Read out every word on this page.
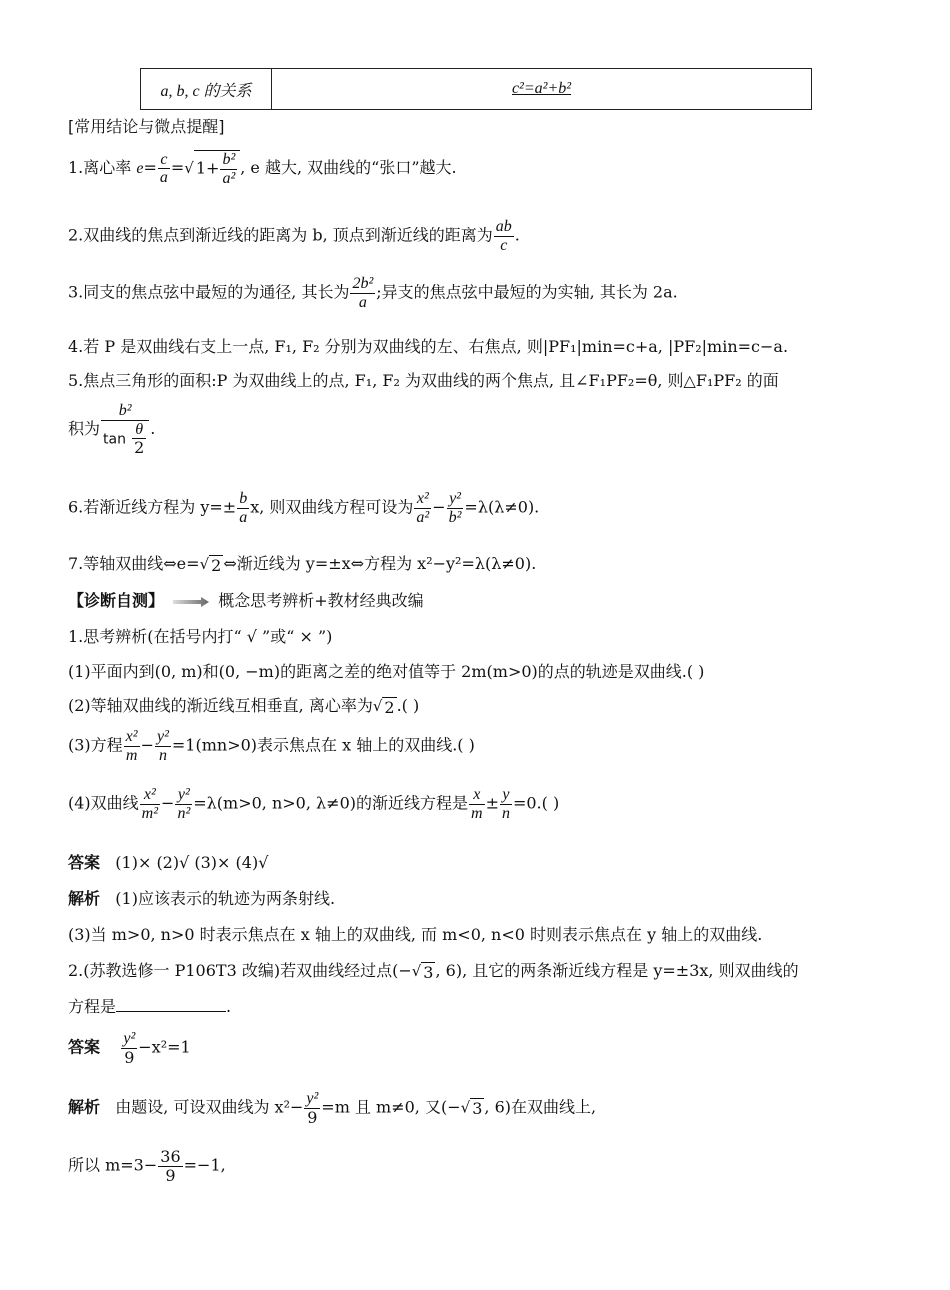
a, b, c 的关系	c²=a²+b²
[常用结论与微点提醒]
1.离心率 $e= \frac{c}{a}$ =√ $1+ \frac{\text{b²}}{\text{a²}}$ , e 越大, 双曲线的“张口”越大.
2.双曲线的焦点到渐近线的距离为 b, 顶点到渐近线的距离为 $\frac{ab}{c}$ .
3.同支的焦点弦中最短的为通径, 其长为 $\frac{\text{2b²}}{a}$ ;异支的焦点弦中最短的为实轴, 其长为 2a.
4.若 P 是双曲线右支上一点, F₁, F₂ 分别为双曲线的左、右焦点, 则|PF₁|min=c+a, |PF₂|min=c−a.
5.焦点三角形的面积:P 为双曲线上的点, F₁, F₂ 为双曲线的两个焦点, 且∠F₁PF₂=θ, 则△F₁PF₂ 的面
积为 $\frac{\text{b²}}{\tan \frac{\theta}{2}}$ .
6.若渐近线方程为 $y=\pm \frac{b}{a} x$, 则双曲线方程可设为 $\frac{\text{x²}}{\text{a²}} - \frac{\text{y²}}{\text{b²}} =\lambda(\lambda\ne 0)$.
7.等轴双曲线⇔e=√ 2 ⇔渐近线为 y=±x⇔方程为 x²−y²=λ(λ≠0).
【诊断自测】	概念思考辨析+教材经典改编
1.思考辨析(在括号内打“ √ ”或“ × ”)
(1)平面内到(0, m)和(0, −m)的距离之差的绝对值等于 2m(m>0)的点的轨迹是双曲线.( )
(2)等轴双曲线的渐近线互相垂直, 离心率为√ 2 .( )
(3)方程 $\frac{\text{x²}}{m} - \frac{\text{y²}}{n} =1(mn>0)$表示焦点在 x 轴上的双曲线.( )
(4)双曲线 $\frac{\text{x²}}{\text{m²}} - \frac{\text{y²}}{\text{n²}} =\lambda(m>0$, n>0, λ≠0)的渐近线方程是 $\frac{x}{m} \pm \frac{y}{n} =0$.( )
答案 (1)× (2)√ (3)× (4)√
解析 (1)应该表示的轨迹为两条射线.
(3)当 m>0, n>0 时表示焦点在 x 轴上的双曲线, 而 m<0, n<0 时则表示焦点在 y 轴上的双曲线.
2.(苏教选修一 P106T3 改编)若双曲线经过点(−√ 3 , 6), 且它的两条渐近线方程是 y=±3x, 则双曲线的
方程是	.
答案 $\frac{\text{y²}}{9} -x^2=1$
解析 由题设, 可设双曲线为 $x^2- \frac{\text{y²}}{9} =m$ 且 m≠0, 又(−√ 3 , 6)在双曲线上,
所以 $m=3- \frac{36}{9} =-1$,
